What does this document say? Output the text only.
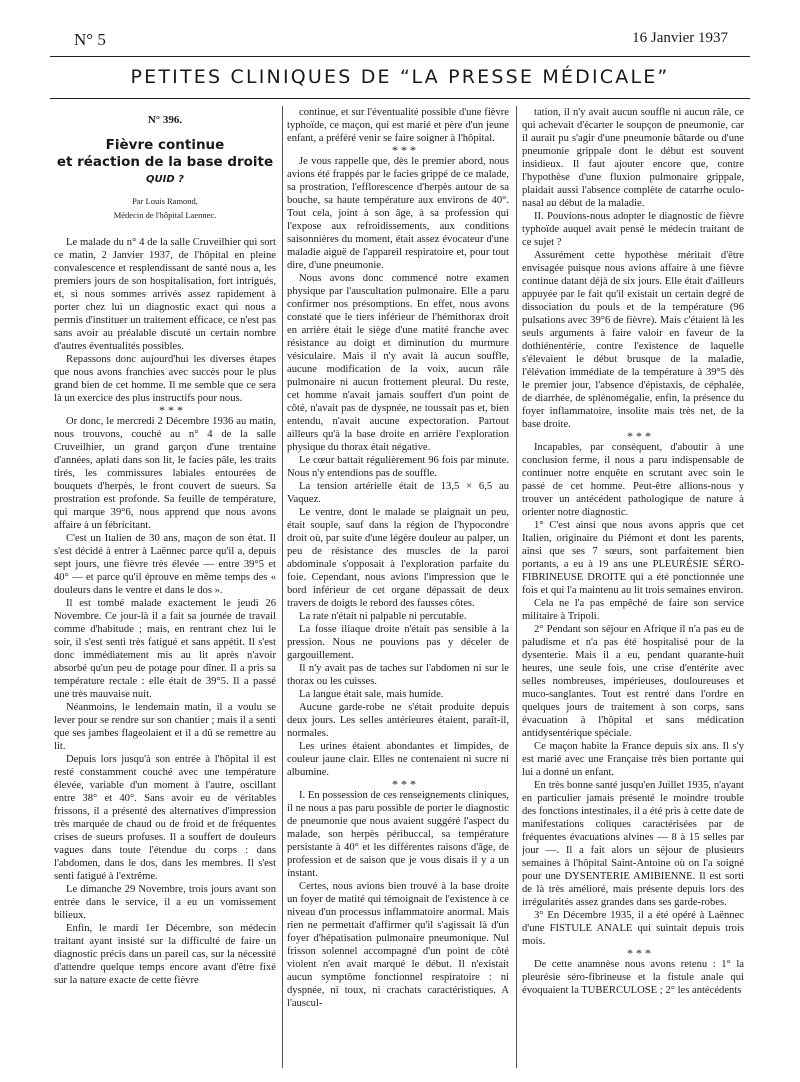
N° 5	16 Janvier 1937
PETITES CLINIQUES DE “LA PRESSE MÉDICALE”
N° 396.
Fièvre continue
et réaction de la base droite
QUID ?
Par Louis Ramond,
Médecin de l'hôpital Laennec.

Le malade du n° 4 de la salle Cruveilhier qui sort ce matin, 2 Janvier 1937, de l'hôpital en pleine convalescence et resplendissant de santé nous a, les premiers jours de son hospitalisation, fort intrigués, et, si nous sommes arrivés assez rapidement à porter chez lui un diagnostic exact qui nous a permis d'instituer un traitement efficace, ce n'est pas sans avoir au préalable discuté un certain nombre d'autres éventualités possibles.

Repassons donc aujourd'hui les diverses étapes que nous avons franchies avec succès pour le plus grand bien de cet homme. Il me semble que ce sera là un exercice des plus instructifs pour nous.

* * *

Or donc, le mercredi 2 Décembre 1936 au matin, nous trouvons, couché au n° 4 de la salle Cruveilhier, un grand garçon d'une trentaine d'années, aplati dans son lit, le facies pâle, les traits tirés, les commissures labiales entourées de bouquets d'herpès, le front couvert de sueurs. Sa prostration est profonde. Sa feuille de température, qui marque 39°6, nous apprend que nous avons affaire à un fébricitant.

C'est un Italien de 30 ans, maçon de son état. Il s'est décidé à entrer à Laënnec parce qu'il a, depuis sept jours, une fièvre très élevée — entre 39°5 et 40° — et parce qu'il éprouve en même temps des « douleurs dans le ventre et dans le dos ».

Il est tombé malade exactement le jeudi 26 Novembre. Ce jour-là il a fait sa journée de travail comme d'habitude ; mais, en rentrant chez lui le soir, il s'est senti très fatigué et sans appétit. Il s'est donc immédiatement mis au lit après n'avoir absorbé qu'un peu de potage pour dîner. Il a pris sa température rectale : elle était de 39°5. Il a passé une très mauvaise nuit.

Néanmoins, le lendemain matin, il a voulu se lever pour se rendre sur son chantier ; mais il a senti que ses jambes flageolaient et il a dû se remettre au lit.

Depuis lors jusqu'à son entrée à l'hôpital il est resté constamment couché avec une température élevée, variable d'un moment à l'autre, oscillant entre 38° et 40°. Sans avoir eu de véritables frissons, il a présenté des alternatives d'impression très marquée de chaud ou de froid et de fréquentes crises de sueurs profuses. Il a souffert de douleurs vagues dans toute l'étendue du corps : dans l'abdomen, dans le dos, dans les membres. Il s'est senti fatigué à l'extrême.

Le dimanche 29 Novembre, trois jours avant son entrée dans le service, il a eu un vomissement bilieux.

Enfin, le mardi 1er Décembre, son médecin traitant ayant insisté sur la difficulté de faire un diagnostic précis dans un pareil cas, sur la nécessité d'attendre quelque temps encore avant d'être fixé sur la nature exacte de cette fièvre

continue, et sur l'éventualité possible d'une fièvre typhoïde, ce maçon, qui est marié et père d'un jeune enfant, a préféré venir se faire soigner à l'hôpital.

* * *

Je vous rappelle que, dès le premier abord, nous avions été frappés par le facies grippé de ce malade, sa prostration, l'efflorescence d'herpès autour de sa bouche, sa haute température aux environs de 40°. Tout cela, joint à son âge, à sa profession qui l'expose aux refroidissements, aux conditions saisonnières du moment, était assez évocateur d'une maladie aiguë de l'appareil respiratoire et, pour tout dire, d'une pneumonie.

Nous avons donc commencé notre examen physique par l'auscultation pulmonaire. Elle a paru confirmer nos présomptions. En effet, nous avons constaté que le tiers inférieur de l'hémithorax droit en arrière était le siège d'une matité franche avec résistance au doigt et diminution du murmure vésiculaire. Mais il n'y avait là aucun souffle, aucune modification de la voix, aucun râle pulmonaire ni aucun frottement pleural. Du reste, cet homme n'avait jamais souffert d'un point de côté, n'avait pas de dyspnée, ne toussait pas et, bien entendu, n'avait aucune expectoration. Partout ailleurs qu'à la base droite en arrière l'exploration physique du thorax était négative.

Le cœur battait régulièrement 96 fois par minute. Nous n'y entendions pas de souffle.

La tension artérielle était de 13,5 × 6,5 au Vaquez.

Le ventre, dont le malade se plaignait un peu, était souple, sauf dans la région de l'hypocondre droit où, par suite d'une légère douleur au palper, un peu de résistance des muscles de la paroi abdominale s'opposait à l'exploration parfaite du foie. Cependant, nous avions l'impression que le bord inférieur de cet organe dépassait de deux travers de doigts le rebord des fausses côtes.

La rate n'était ni palpable ni percutable.

La fosse iliaque droite n'était pas sensible à la pression. Nous ne pouvions pas y déceler de gargouillement.

Il n'y avait pas de taches sur l'abdomen ni sur le thorax ou les cuisses.

La langue était sale, mais humide.

Aucune garde-robe ne s'était produite depuis deux jours. Les selles antérieures étaient, paraît-il, normales.

Les urines étaient abondantes et limpides, de couleur jaune clair. Elles ne contenaient ni sucre ni albumine.

* * *

I. En possession de ces renseignements cliniques, il ne nous a pas paru possible de porter le diagnostic de pneumonie que nous avaient suggéré l'aspect du malade, son herpès péribuccal, sa température persistante à 40° et les différentes raisons d'âge, de profession et de saison que je vous disais il y a un instant.

Certes, nous avions bien trouvé à la base droite un foyer de matité qui témoignait de l'existence à ce niveau d'un processus inflammatoire anormal. Mais rien ne permettait d'affirmer qu'il s'agissait là d'un foyer d'hépatisation pulmonaire pneumonique. Nul frisson solennel accompagné d'un point de côté violent n'en avait marqué le début. Il n'existait aucun symptôme fonctionnel respiratoire : ni dyspnée, ni toux, ni crachats caractéristiques. A l'auscul-

tation, il n'y avait aucun souffle ni aucun râle, ce qui achevait d'écarter le soupçon de pneumonie, car il aurait pu s'agir d'une pneumonie bâtarde ou d'une pneumonie grippale dont le début est souvent insidieux. Il faut ajouter encore que, contre l'hypothèse d'une fluxion pulmonaire grippale, plaidait aussi l'absence complète de catarrhe oculo-nasal au début de la maladie.

II. Pouvions-nous adopter le diagnostic de fièvre typhoïde auquel avait pensé le médecin traitant de ce sujet ?

Assurément cette hypothèse méritait d'être envisagée puisque nous avions affaire à une fièvre continue datant déjà de six jours. Elle était d'ailleurs appuyée par le fait qu'il existait un certain degré de dissociation du pouls et de la température (96 pulsations avec 39°6 de fièvre). Mais c'étaient là les seuls arguments à faire valoir en faveur de la dothiénentérie, contre l'existence de laquelle s'élevaient le début brusque de la maladie, l'élévation immédiate de la température à 39°5 dès le premier jour, l'absence d'épistaxis, de céphalée, de diarrhée, de splénomégalie, enfin, la présence du foyer inflammatoire, insolite mais très net, de la base droite.

* * *

Incapables, par conséquent, d'aboutir à une conclusion ferme, il nous a paru indispensable de continuer notre enquête en scrutant avec soin le passé de cet homme. Peut-être allions-nous y trouver un antécédent pathologique de nature à orienter notre diagnostic.

1° C'est ainsi que nous avons appris que cet Italien, originaire du Piémont et dont les parents, ainsi que ses 7 sœurs, sont parfaitement bien portants, a eu à 19 ans une PLEURÉSIE SÉRO-FIBRINEUSE DROITE qui a été ponctionnée une fois et qui l'a maintenu au lit trois semaines environ.

Cela ne l'a pas empêché de faire son service militaire à Tripoli.

2° Pendant son séjour en Afrique il n'a pas eu de paludisme et n'a pas été hospitalisé pour de la dysenterie. Mais il a eu, pendant quarante-huit heures, une seule fois, une crise d'entérite avec selles nombreuses, impérieuses, douloureuses et muco-sanglantes. Tout est rentré dans l'ordre en quelques jours de traitement à son corps, sans évacuation à l'hôpital et sans médication antidysentérique spéciale.

Ce maçon habite la France depuis six ans. Il s'y est marié avec une Française très bien portante qui lui a donné un enfant.

En très bonne santé jusqu'en Juillet 1935, n'ayant en particulier jamais présenté le moindre trouble des fonctions intestinales, il a été pris à cette date de manifestations coliques caractérisées par de fréquentes évacuations alvines — 8 à 15 selles par jour —. Il a fait alors un séjour de plusieurs semaines à l'hôpital Saint-Antoine où on l'a soigné pour une DYSENTERIE AMIBIENNE. Il est sorti de là très amélioré, mais présente depuis lors des irrégularités assez grandes dans ses garde-robes.

3° En Décembre 1935, il a été opéré à Laënnec d'une FISTULE ANALE qui suintait depuis trois mois.

* * *

De cette anamnèse nous avons retenu : 1° la pleurésie séro-fibrineuse et la fistule anale qui évoquaient la TUBERCULOSE ; 2° les antécédents
